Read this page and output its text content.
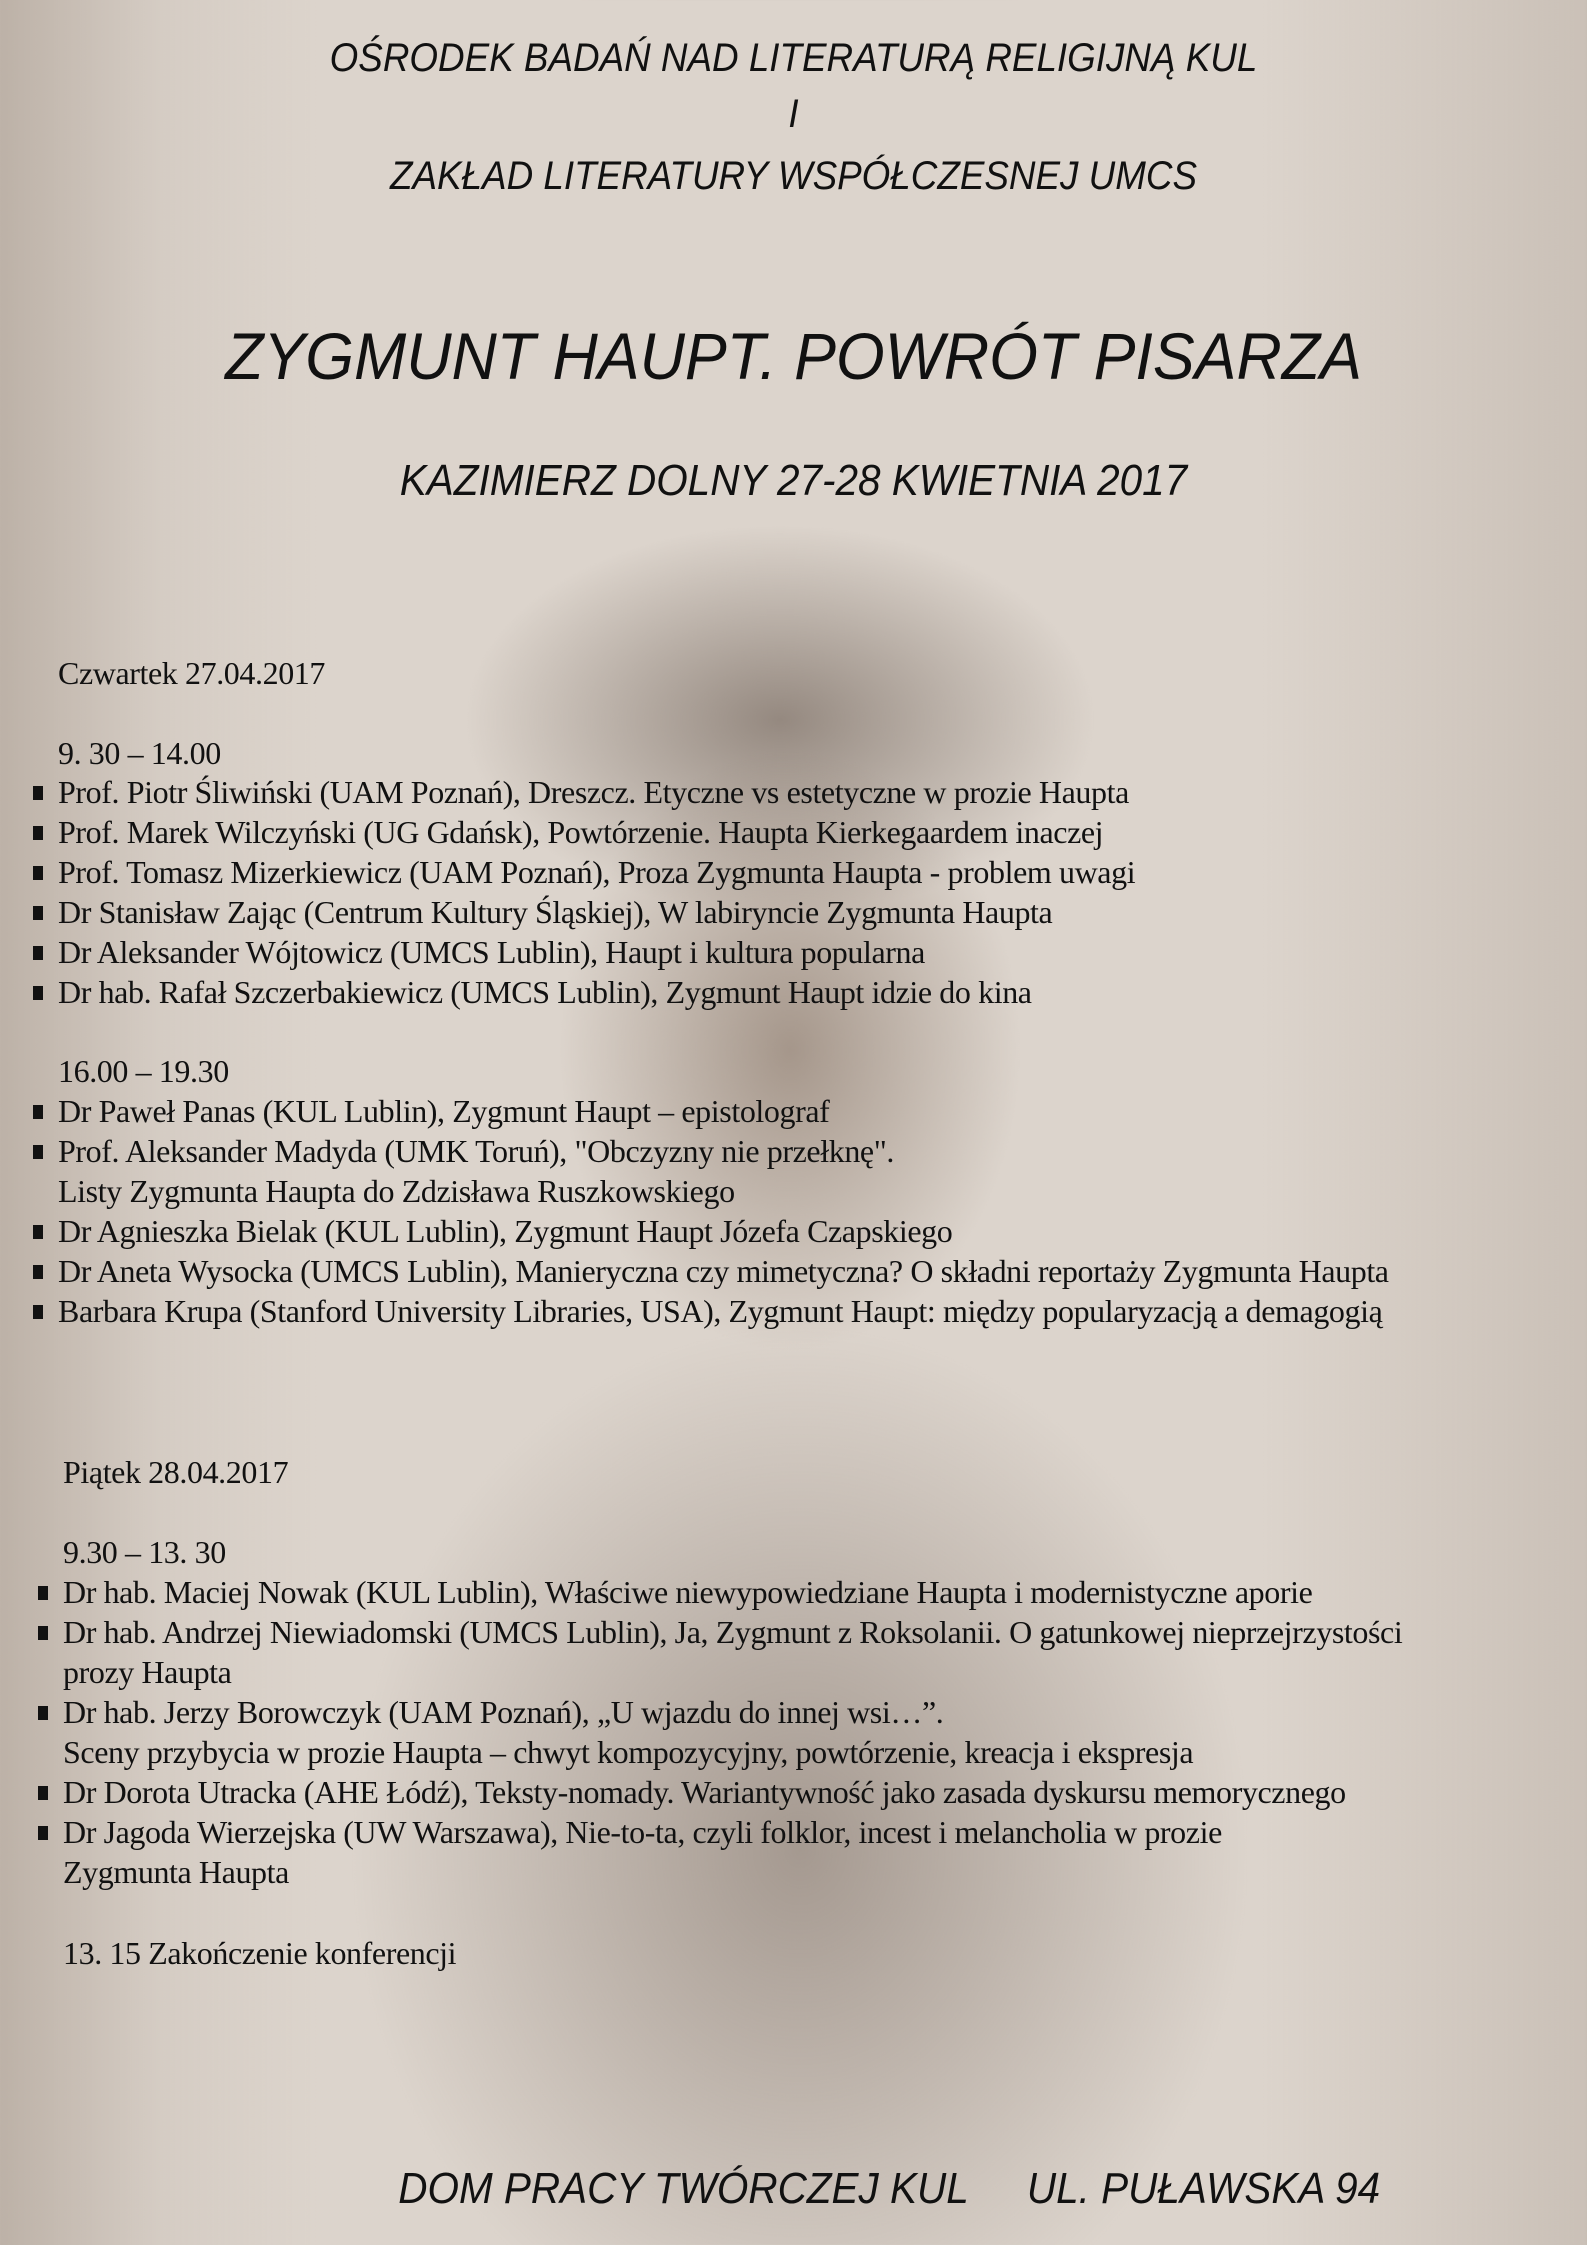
OŚRODEK BADAŃ NAD LITERATURĄ RELIGIJNĄ KUL
I
ZAKŁAD LITERATURY WSPÓŁCZESNEJ UMCS
ZYGMUNT HAUPT. POWRÓT PISARZA
KAZIMIERZ DOLNY 27-28 KWIETNIA 2017
Czwartek 27.04.2017
9. 30 – 14.00
Prof. Piotr Śliwiński (UAM Poznań), Dreszcz. Etyczne vs estetyczne w prozie Haupta
Prof. Marek Wilczyński (UG Gdańsk), Powtórzenie. Haupta Kierkegaardem inaczej
Prof. Tomasz Mizerkiewicz (UAM Poznań), Proza Zygmunta Haupta - problem uwagi
Dr Stanisław Zając (Centrum Kultury Śląskiej), W labiryncie Zygmunta Haupta
Dr Aleksander Wójtowicz (UMCS Lublin), Haupt i kultura popularna
Dr hab. Rafał Szczerbakiewicz (UMCS Lublin), Zygmunt Haupt idzie do kina
16.00 – 19.30
Dr Paweł Panas (KUL Lublin), Zygmunt Haupt – epistolograf
Prof. Aleksander Madyda (UMK Toruń), "Obczyzny nie przełknę".
Listy Zygmunta Haupta do Zdzisława Ruszkowskiego
Dr Agnieszka Bielak (KUL Lublin), Zygmunt Haupt Józefa Czapskiego
Dr Aneta Wysocka (UMCS Lublin), Manieryczna czy mimetyczna? O składni reportaży Zygmunta Haupta
Barbara Krupa (Stanford University Libraries, USA), Zygmunt Haupt: między popularyzacją a demagogią
Piątek 28.04.2017
9.30 – 13. 30
Dr hab. Maciej Nowak (KUL Lublin), Właściwe niewypowiedziane Haupta i modernistyczne aporie
Dr hab. Andrzej Niewiadomski (UMCS Lublin), Ja, Zygmunt z Roksolanii. O gatunkowej nieprzejrzystości
prozy Haupta
Dr hab. Jerzy Borowczyk (UAM Poznań), „U wjazdu do innej wsi…”.
Sceny przybycia w prozie Haupta – chwyt kompozycyjny, powtórzenie, kreacja i ekspresja
Dr Dorota Utracka (AHE Łódź), Teksty-nomady. Wariantywność jako zasada dyskursu memorycznego
Dr Jagoda Wierzejska (UW Warszawa), Nie-to-ta, czyli folklor, incest i melancholia w prozie
Zygmunta Haupta
13. 15 Zakończenie konferencji
DOM PRACY TWÓRCZEJ KUL	UL. PUŁAWSKA 94
